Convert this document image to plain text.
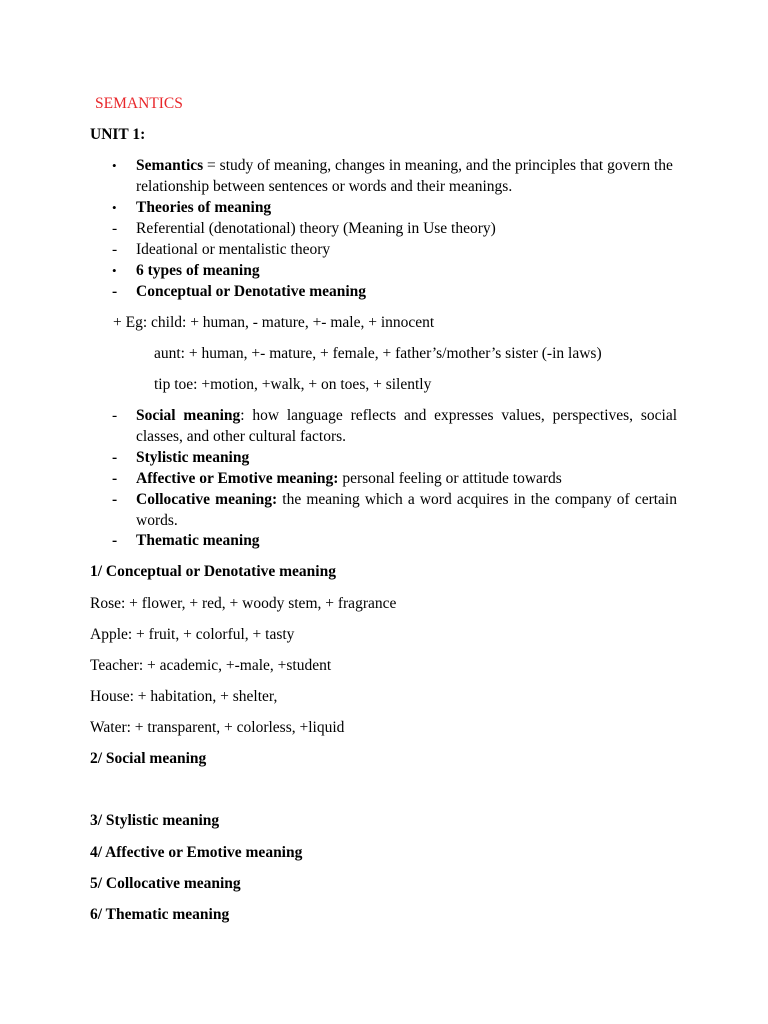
SEMANTICS
UNIT 1:
•	Semantics = study of meaning, changes in meaning, and the principles that govern the relationship between sentences or words and their meanings.
•	Theories of meaning
-	Referential (denotational) theory (Meaning in Use theory)
-	Ideational or mentalistic theory
•	6 types of meaning
-	Conceptual or Denotative meaning
+ Eg: child: + human, - mature, +- male, + innocent
aunt: + human, +- mature, + female, + father’s/mother’s sister (-in laws)
tip toe: +motion, +walk, + on toes, + silently
-	Social meaning: how language reflects and expresses values, perspectives, social classes, and other cultural factors.
-	Stylistic meaning
-	Affective or Emotive meaning: personal feeling or attitude towards
-	Collocative meaning: the meaning which a word acquires in the company of certain words.
-	Thematic meaning
1/ Conceptual or Denotative meaning
Rose: + flower, + red, + woody stem, + fragrance
Apple: + fruit, + colorful, + tasty
Teacher: + academic, +-male, +student
House: + habitation, + shelter,
Water: + transparent, + colorless, +liquid
2/ Social meaning
3/ Stylistic meaning
4/ Affective or Emotive meaning
5/ Collocative meaning
6/ Thematic meaning
